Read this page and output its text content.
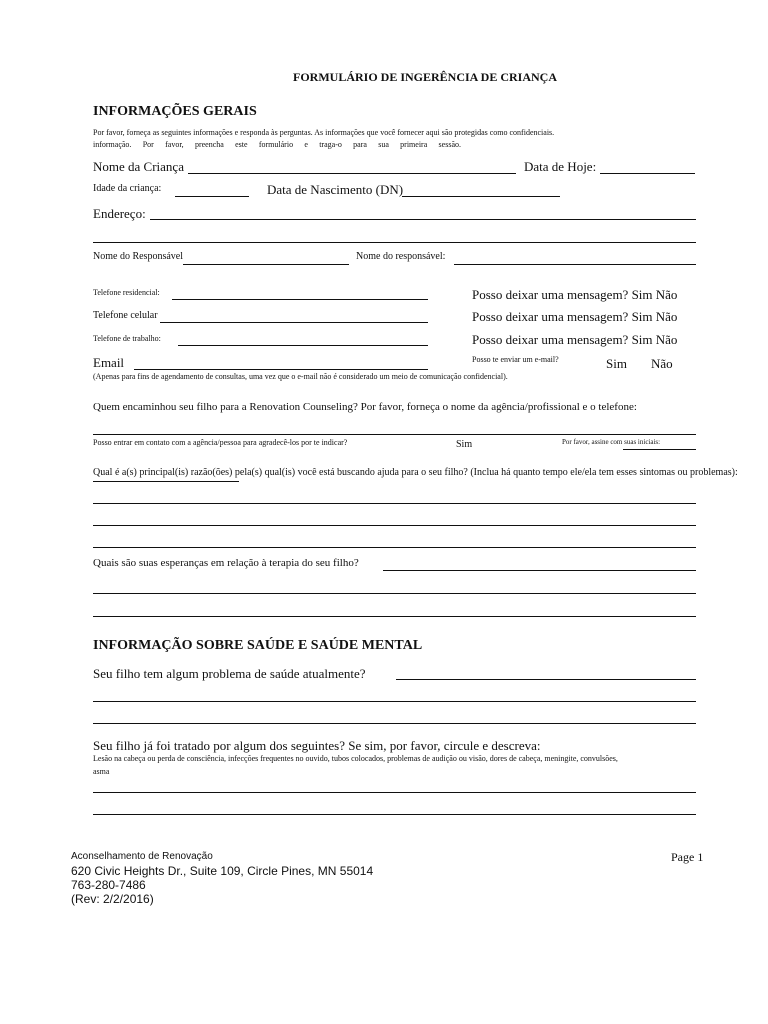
FORMULÁRIO DE INGERÊNCIA DE CRIANÇA
INFORMAÇÕES GERAIS
Por favor, forneça as seguintes informações e responda às perguntas. As informações que você fornecer aqui são protegidas como confidenciais.
informação. Por favor, preencha este formulário e traga-o para sua primeira sessão.
Nome da Criança	Data de Hoje:
Idade da criança:	Data de Nascimento (DN)
Endereço:
Nome do Responsável	Nome do responsável:
Telefone residencial:	Posso deixar uma mensagem? Sim Não
Telefone celular	Posso deixar uma mensagem? Sim Não
Telefone de trabalho:	Posso deixar uma mensagem? Sim Não
Email	Posso te enviar um e-mail?	Sim Não
(Apenas para fins de agendamento de consultas, uma vez que o e-mail não é considerado um meio de comunicação confidencial).
Quem encaminhou seu filho para a Renovation Counseling? Por favor, forneça o nome da agência/profissional e o telefone:
Posso entrar em contato com a agência/pessoa para agradecê-los por te indicar?	Sim	Por favor, assine com suas iniciais:
Qual é a(s) principal(is) razão(ões) pela(s) qual(is) você está buscando ajuda para o seu filho? (Inclua há quanto tempo ele/ela tem esses sintomas ou problemas):
Quais são suas esperanças em relação à terapia do seu filho?
INFORMAÇÃO SOBRE SAÚDE E SAÚDE MENTAL
Seu filho tem algum problema de saúde atualmente?
Seu filho já foi tratado por algum dos seguintes? Se sim, por favor, circule e descreva:
Lesão na cabeça ou perda de consciência, infecções frequentes no ouvido, tubos colocados, problemas de audição ou visão, dores de cabeça, meningite, convulsões,
asma
Aconselhamento de Renovação
620 Civic Heights Dr., Suite 109, Circle Pines, MN 55014
763-280-7486
(Rev: 2/2/2016)
Page 1
